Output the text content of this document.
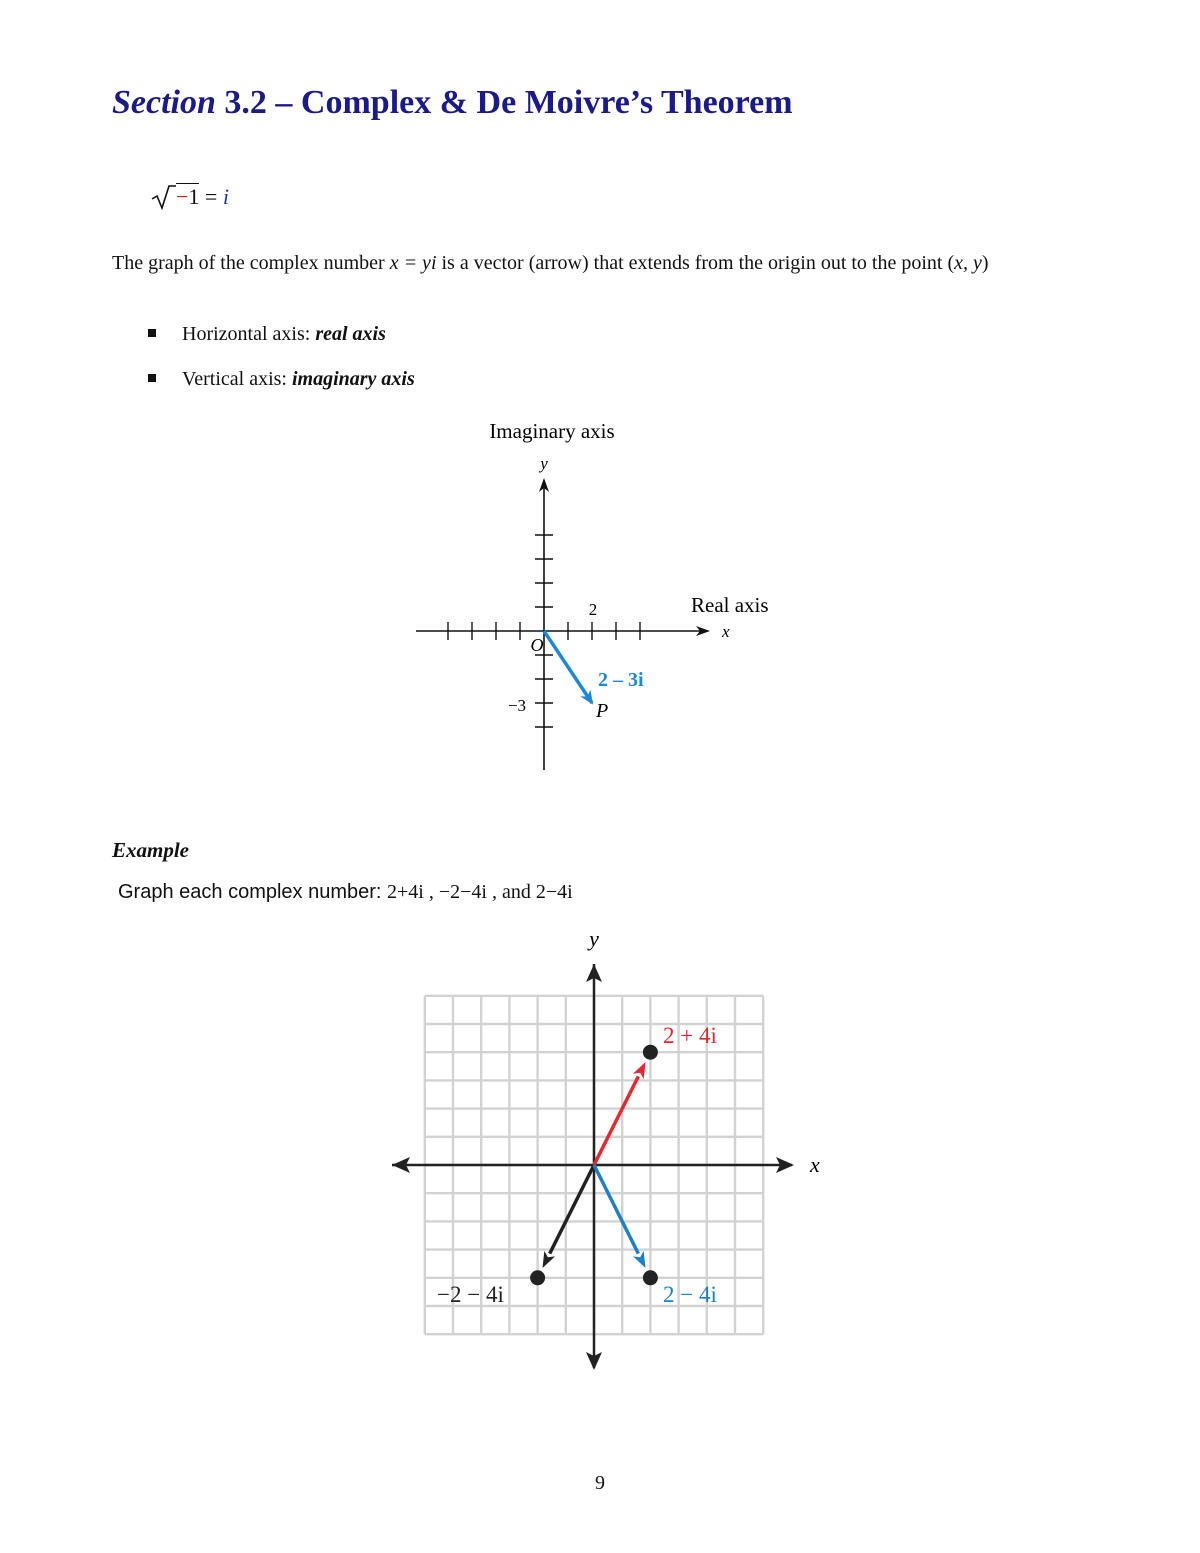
Section 3.2 – Complex & De Moivre’s Theorem
−1 = i
The graph of the complex number x = yi is a vector (arrow) that extends from the origin out to the point (x, y)
Horizontal axis: real axis
Vertical axis: imaginary axis
Imaginary axis
y
Real axis
x
O
2
−3
2 – 3i
P
Example
Graph each complex number: 2+4i , −2−4i , and 2−4i
y
x
2 + 4i
−2 − 4i	2 − 4i
9
